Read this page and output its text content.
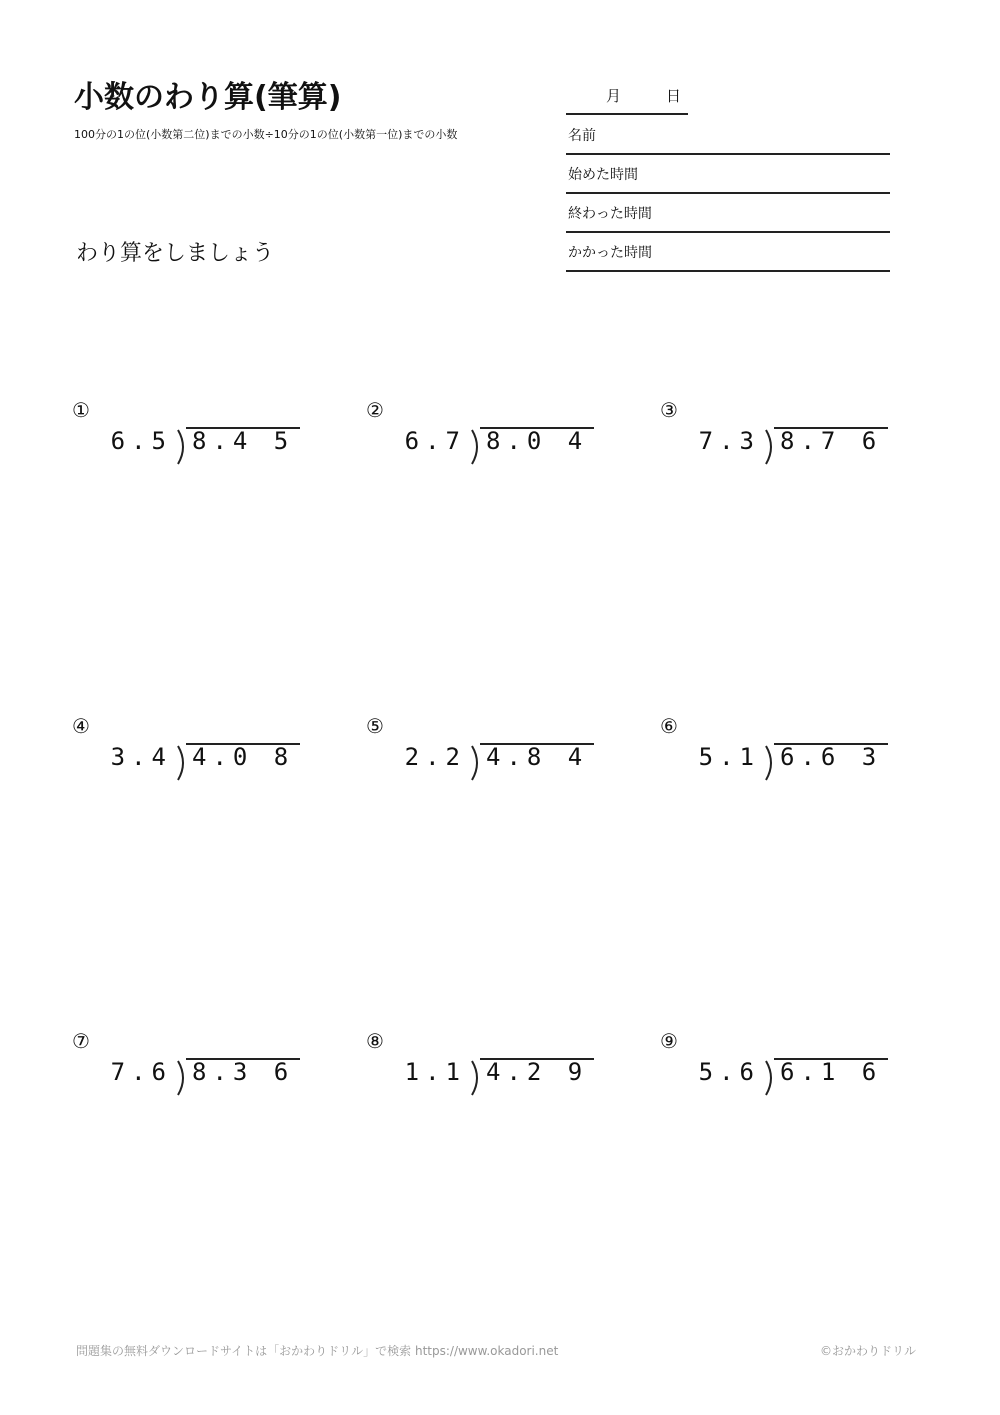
小数のわり算(筆算)
100分の1の位(小数第二位)までの小数÷10分の1の位(小数第一位)までの小数
わり算をしましょう
月	日
名前
始めた時間
終わった時間
かかった時間
①
6.5 8.4 5
②
6.7 8.0 4
③
7.3 8.7 6
④
3.4 4.0 8
⑤
2.2 4.8 4
⑥
5.1 6.6 3
⑦
7.6 8.3 6
⑧
1.1 4.2 9
⑨
5.6 6.1 6
問題集の無料ダウンロードサイトは「おかわりドリル」で検索 https://www.okadori.net	©おかわりドリル
